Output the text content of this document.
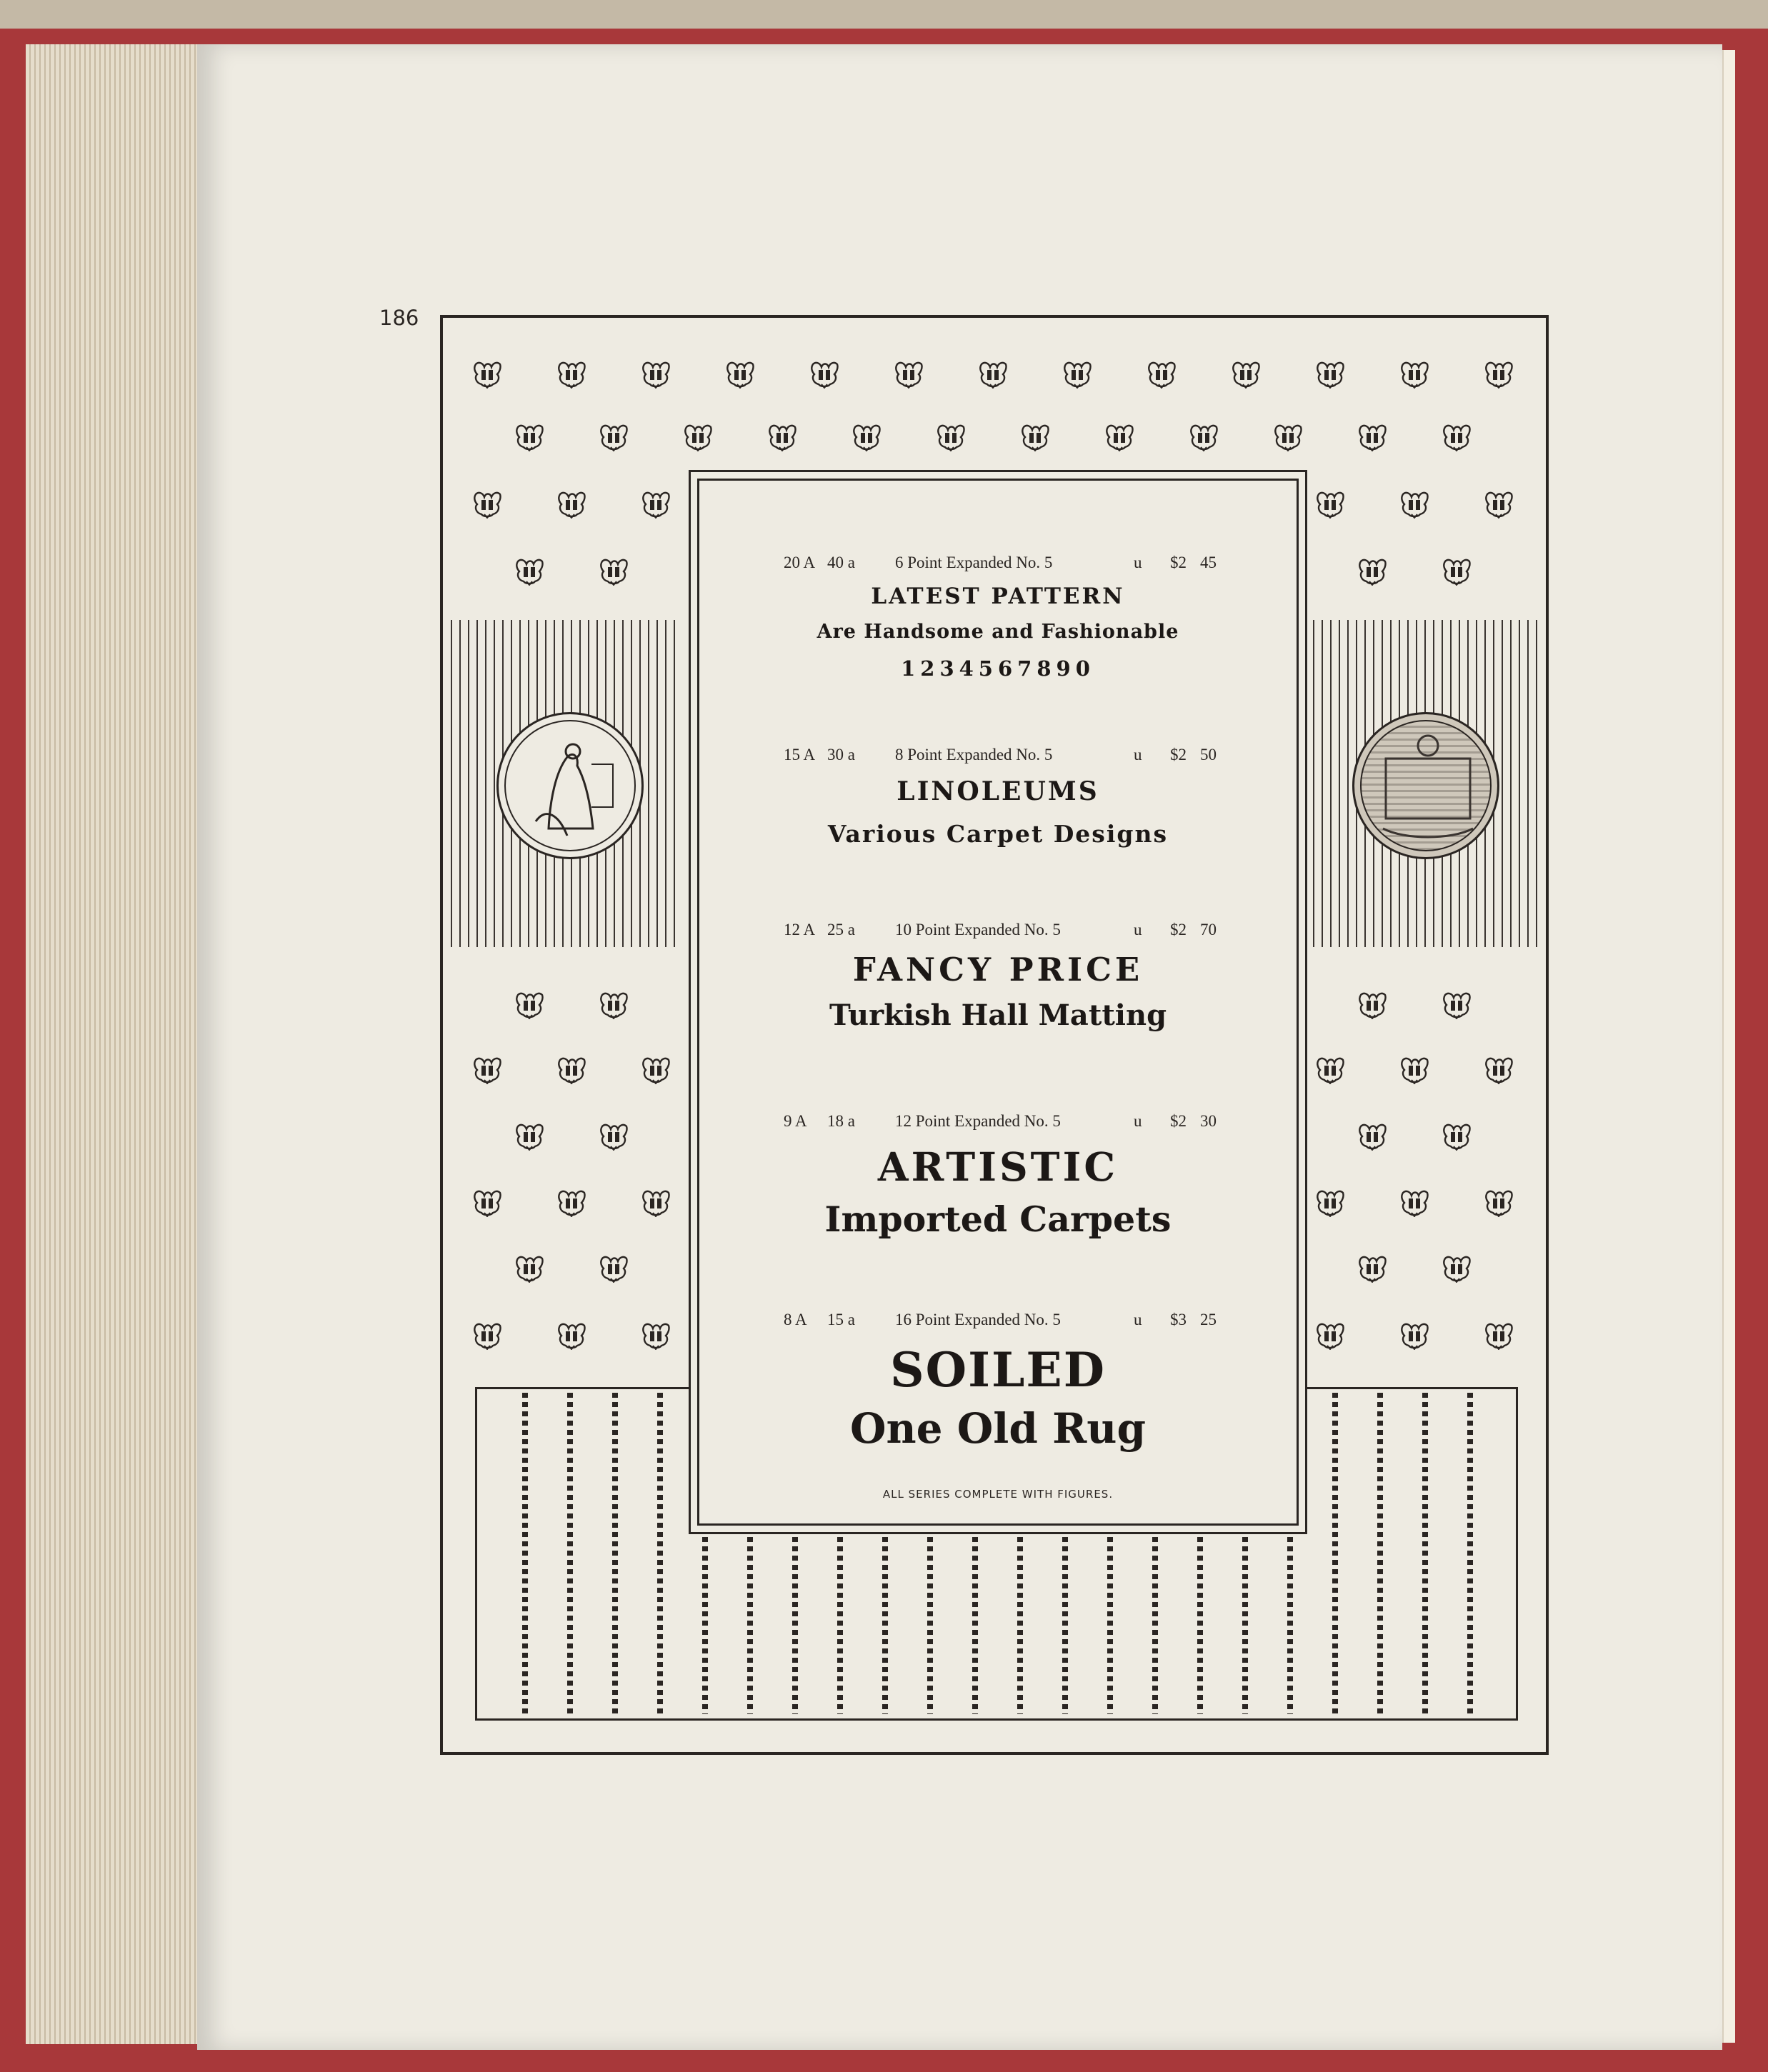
186
20 A 40 a 6 Point Expanded No. 5	u $2 45
LATEST PATTERN
Are Handsome and Fashionable
1234567890
15 A 30 a 8 Point Expanded No. 5	u $2 50
LINOLEUMS
Various Carpet Designs
12 A 25 a 10 Point Expanded No. 5	u $2 70
FANCY PRICE
Turkish Hall Matting
9 A 18 a 12 Point Expanded No. 5	u $2 30
ARTISTIC
Imported Carpets
8 A 15 a 16 Point Expanded No. 5	u $3 25
SOILED
One Old Rug
ALL SERIES COMPLETE WITH FIGURES.
